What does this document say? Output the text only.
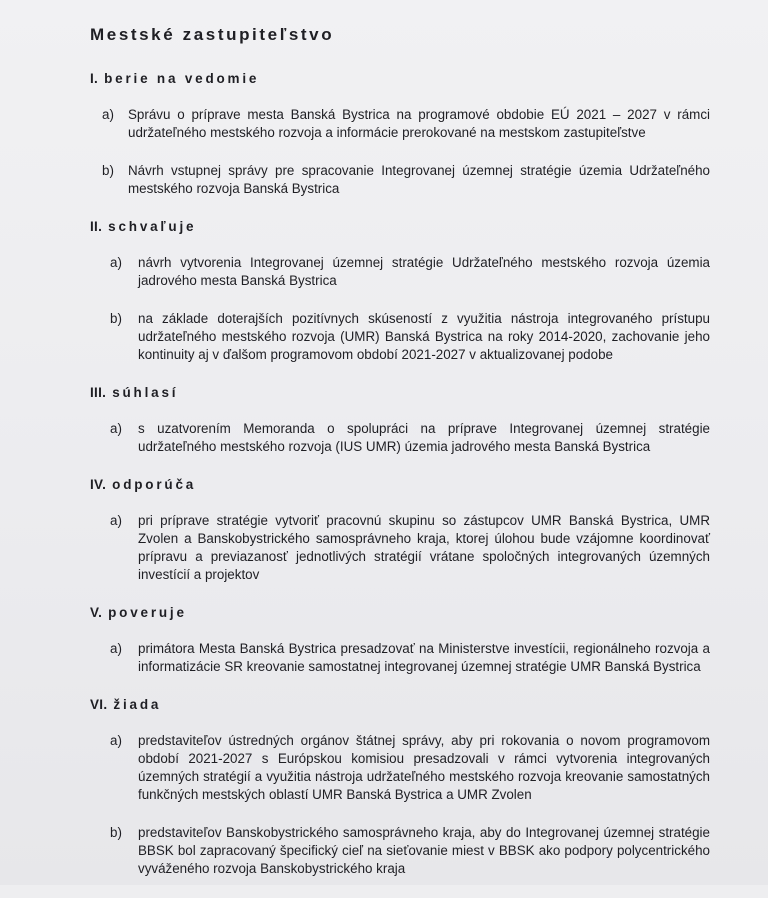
Mestské zastupiteľstvo
I. berie na vedomie
a) Správu o príprave mesta Banská Bystrica na programové obdobie EÚ 2021 – 2027 v rámci udržateľného mestského rozvoja a informácie prerokované na mestskom zastupiteľstve
b) Návrh vstupnej správy pre spracovanie Integrovanej územnej stratégie územia Udržateľného mestského rozvoja Banská Bystrica
II. schvaľuje
a) návrh vytvorenia Integrovanej územnej stratégie Udržateľného mestského rozvoja územia jadrového mesta Banská Bystrica
b) na základe doterajších pozitívnych skúseností z využitia nástroja integrovaného prístupu udržateľného mestského rozvoja (UMR) Banská Bystrica na roky 2014-2020, zachovanie jeho kontinuity aj v ďalšom programovom období 2021-2027 v aktualizovanej podobe
III. súhlasí
a) s uzatvorením Memoranda o spolupráci na príprave Integrovanej územnej stratégie udržateľného mestského rozvoja (IUS UMR) územia jadrového mesta Banská Bystrica
IV. odporúča
a) pri príprave stratégie vytvoriť pracovnú skupinu so zástupcov UMR Banská Bystrica, UMR Zvolen a Banskobystrického samosprávneho kraja, ktorej úlohou bude vzájomne koordinovať prípravu a previazanosť jednotlivých stratégií vrátane spoločných integrovaných územných investícií a projektov
V. poveruje
a) primátora Mesta Banská Bystrica presadzovať na Ministerstve investícii, regionálneho rozvoja a informatizácie SR kreovanie samostatnej integrovanej územnej stratégie UMR Banská Bystrica
VI. žiada
a) predstaviteľov ústredných orgánov štátnej správy, aby pri rokovania o novom programovom období 2021-2027 s Európskou komisiou presadzovali v rámci vytvorenia integrovaných územných stratégií a využitia nástroja udržateľného mestského rozvoja kreovanie samostatných funkčných mestských oblastí UMR Banská Bystrica a UMR Zvolen
b) predstaviteľov Banskobystrického samosprávneho kraja, aby do Integrovanej územnej stratégie BBSK bol zapracovaný špecifický cieľ na sieťovanie miest v BBSK ako podpory polycentrického vyváženého rozvoja Banskobystrického kraja
